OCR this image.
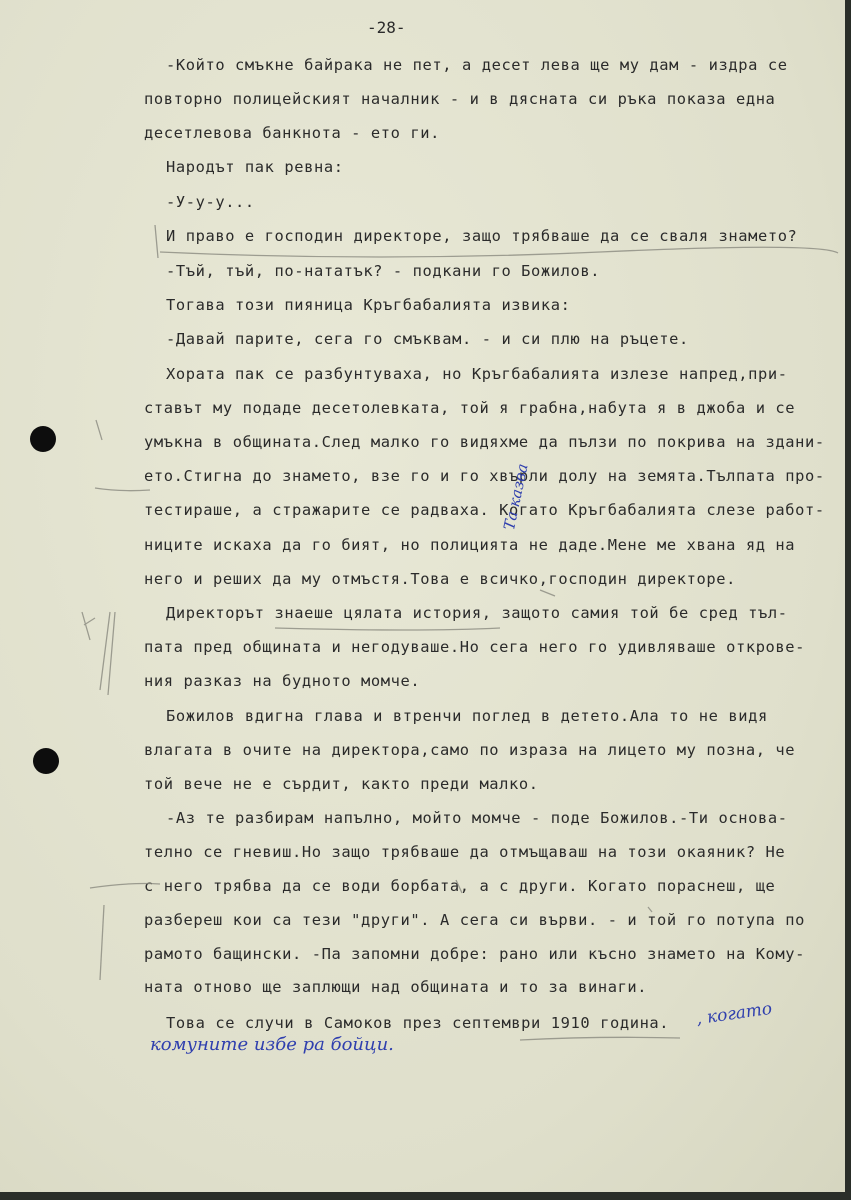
-28-
-Който смъкне байрака не пет, а десет лева ще му дам - издра се
повторно полицейският началник - и в дясната си ръка показа една
десетлевова банкнота - ето ги.
Народът пак ревна:
-У-у-у...
И право е господин директоре, защо трябваше да се сваля знамето?
-Тъй, тъй, по-нататък? - подкани го Божилов.
Тогава този пияница Кръгбабалията извика:
-Давай парите, сега го смъквам. - и си плю на ръцете.
Хората пак се разбунтуваха, но Кръгбабалията излезе напред,при-
ставът му подаде десетолевката, той я грабна,набута я в джоба и се
умъкна в общината.След малко го видяхме да пълзи по покрива на здани-
ето.Стигна до знамето, взе го и го хвърли долу на земята.Тълпата про-
тестираше, а стражарите се радваха. Когато Кръгбабалията слезе работ-
ниците искаха да го бият, но полицията не даде.Мене ме хвана яд на
него и реших да му отмъстя.Това е всичко,господин директоре.
Директорът знаеше цялата история, защото самия той бе сред тъл-
пата пред общината и негодуваше.Но сега него го удивляваше открове-
ния разказ на будното момче.
Божилов вдигна глава и втренчи поглед в детето.Ала то не видя
влагата в очите на директора,само по израза на лицето му позна, че
той вече не е сърдит, както преди малко.
-Аз те разбирам напълно, мойто момче - поде Божилов.-Ти основа-
телно се гневиш.Но защо трябваше да отмъщаваш на този окаяник? Не
с него трябва да се води борбата, а с други. Когато пораснеш, ще
разбереш кои са тези "други". А сега си върви. - и той го потупа по
рамото бащински. -Па запомни добре: рано или късно знамето на Кому-
ната отново ще заплющи над общината и то за винаги.
Това се случи в Самоков през септември 1910 година.
Та казва
, когато
комуните избе ра бойци.
